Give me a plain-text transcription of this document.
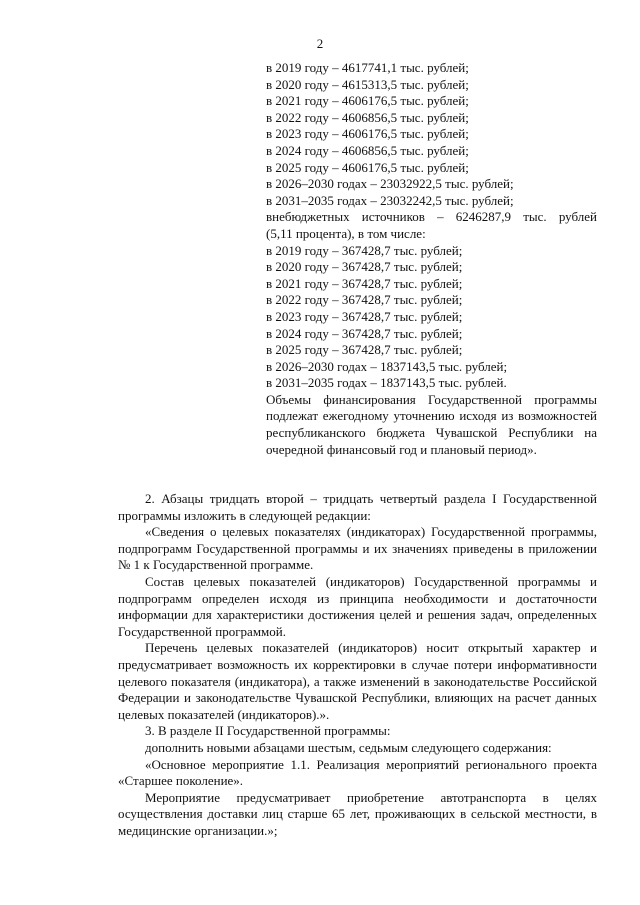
2

в 2019 году – 4617741,1 тыс. рублей;

в 2020 году – 4615313,5 тыс. рублей;

в 2021 году – 4606176,5 тыс. рублей;

в 2022 году – 4606856,5 тыс. рублей;

в 2023 году – 4606176,5 тыс. рублей;

в 2024 году – 4606856,5 тыс. рублей;

в 2025 году – 4606176,5 тыс. рублей;

в 2026–2030 годах – 23032922,5 тыс. рублей;

в 2031–2035 годах – 23032242,5 тыс. рублей;

внебюджетных источников – 6246287,9 тыс. рублей

(5,11 процента), в том числе:

в 2019 году – 367428,7 тыс. рублей;

в 2020 году – 367428,7 тыс. рублей;

в 2021 году – 367428,7 тыс. рублей;

в 2022 году – 367428,7 тыс. рублей;

в 2023 году – 367428,7 тыс. рублей;

в 2024 году – 367428,7 тыс. рублей;

в 2025 году – 367428,7 тыс. рублей;

в 2026–2030 годах – 1837143,5 тыс. рублей;

в 2031–2035 годах – 1837143,5 тыс. рублей.

Объемы финансирования Государственной программы подлежат ежегодному уточнению исходя из возможностей республиканского бюджета Чувашской Республики на очередной финансовый год и плановый период».

2. Абзацы тридцать второй – тридцать четвертый раздела I Государственной программы изложить в следующей редакции:

«Сведения о целевых показателях (индикаторах) Государственной программы, подпрограмм Государственной программы и их значениях приведены в приложении № 1 к Государственной программе.

Состав целевых показателей (индикаторов) Государственной программы и подпрограмм определен исходя из принципа необходимости и достаточности информации для характеристики достижения целей и решения задач, определенных Государственной программой.

Перечень целевых показателей (индикаторов) носит открытый характер и предусматривает возможность их корректировки в случае потери информативности целевого показателя (индикатора), а также изменений в законодательстве Российской Федерации и законодательстве Чувашской Республики, влияющих на расчет данных целевых показателей (индикаторов).».

3. В разделе II Государственной программы:

дополнить новыми абзацами шестым, седьмым следующего содержания:

«Основное мероприятие 1.1. Реализация мероприятий регионального проекта «Старшее поколение».

Мероприятие предусматривает приобретение автотранспорта в целях осуществления доставки лиц старше 65 лет, проживающих в сельской местности, в медицинские организации.»;
